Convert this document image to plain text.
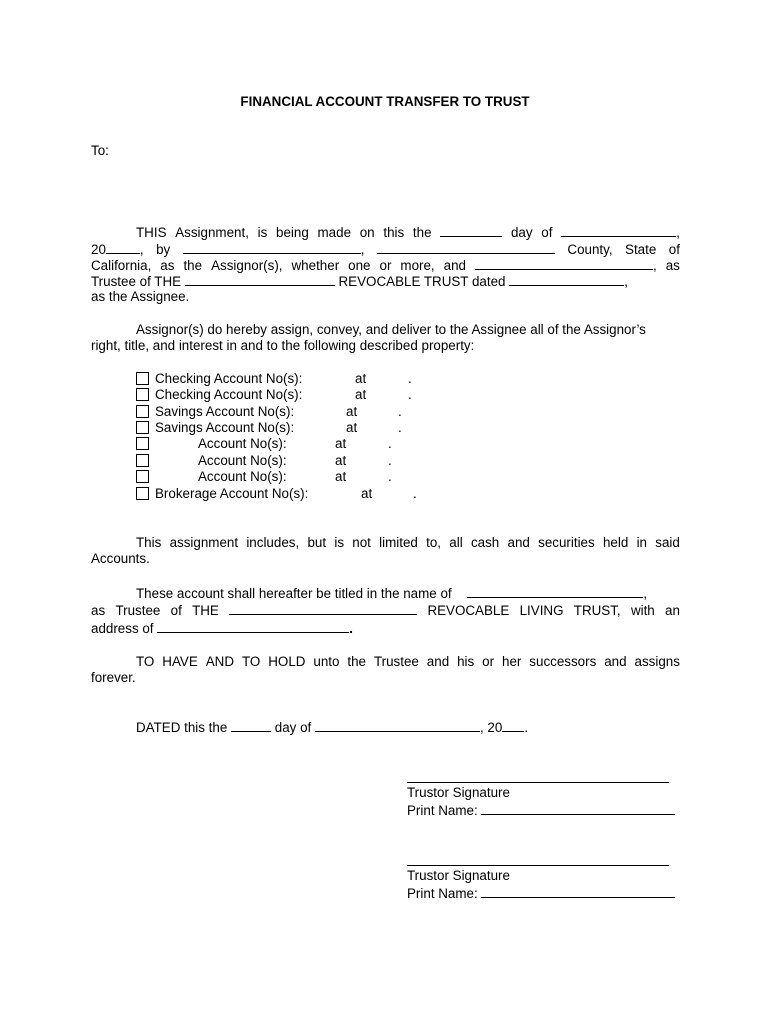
FINANCIAL ACCOUNT TRANSFER TO TRUST
To:
THIS Assignment, is being made on this the	day of	,
20	, by	,	County, State of
California, as the Assignor(s), whether one or more, and	, as
Trustee of THE	REVOCABLE TRUST dated	,
as the Assignee.
Assignor(s) do hereby assign, convey, and deliver to the Assignee all of the Assignor’s
right, title, and interest in and to the following described property:
Checking Account No(s):	at	.
Checking Account No(s):	at	.
Savings Account No(s):	at	.
Savings Account No(s):	at	.
Account No(s):	at	.
Account No(s):	at	.
Account No(s):	at	.
Brokerage Account No(s):	at	.
This assignment includes, but is not limited to, all cash and securities held in said
Accounts.
These account shall hereafter be titled in the name of	,
as Trustee of THE	REVOCABLE LIVING TRUST, with an
address of	.
TO HAVE AND TO HOLD unto the Trustee and his or her successors and assigns
forever.
DATED this the	day of	, 20 .
Trustor Signature
Print Name:
Trustor Signature
Print Name:
